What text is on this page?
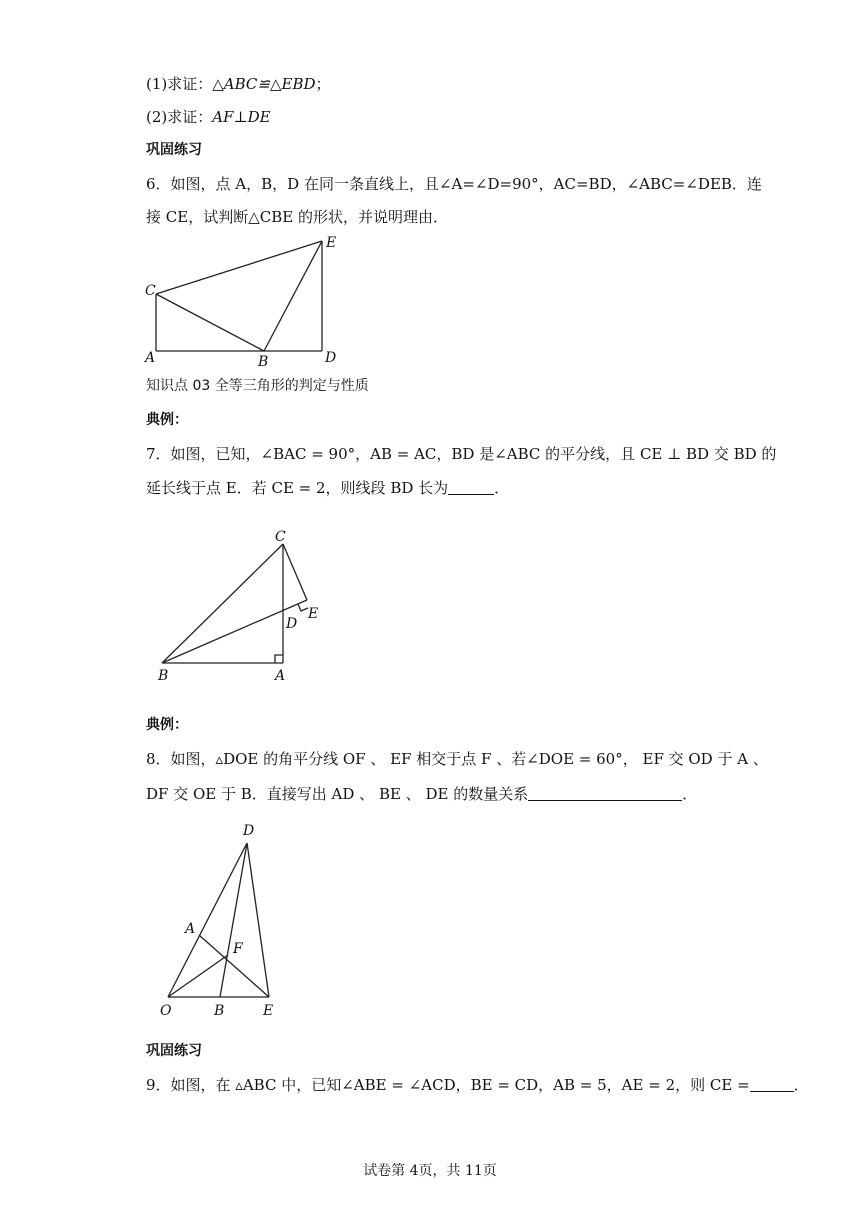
(1)求证：△ABC≌△EBD；
(2)求证：AF⊥DE
巩固练习
6．如图，点 A，B，D 在同一条直线上，且∠A=∠D=90°，AC=BD，∠ABC=∠DEB．连
接 CE，试判断△CBE 的形状，并说明理由．
C
E
A	B	D
知识点 03 全等三角形的判定与性质
典例：
7．如图，已知，∠BAC = 90°，AB = AC，BD 是∠ABC 的平分线，且 CE ⊥ BD 交 BD 的
延长线于点 E．若 CE = 2，则线段 BD 长为	．
C
E
D
B	A
典例：
8．如图，▵DOE 的角平分线 OF 、 EF 相交于点 F 、若∠DOE = 60°， EF 交 OD 于 A 、
DF 交 OE 于 B．直接写出 AD 、 BE 、 DE 的数量关系	．
D
A
F
O	B	E
巩固练习
9．如图，在 ▵ABC 中，已知∠ABE = ∠ACD，BE = CD，AB = 5，AE = 2，则 CE =	．
试卷第 4页，共 11页
